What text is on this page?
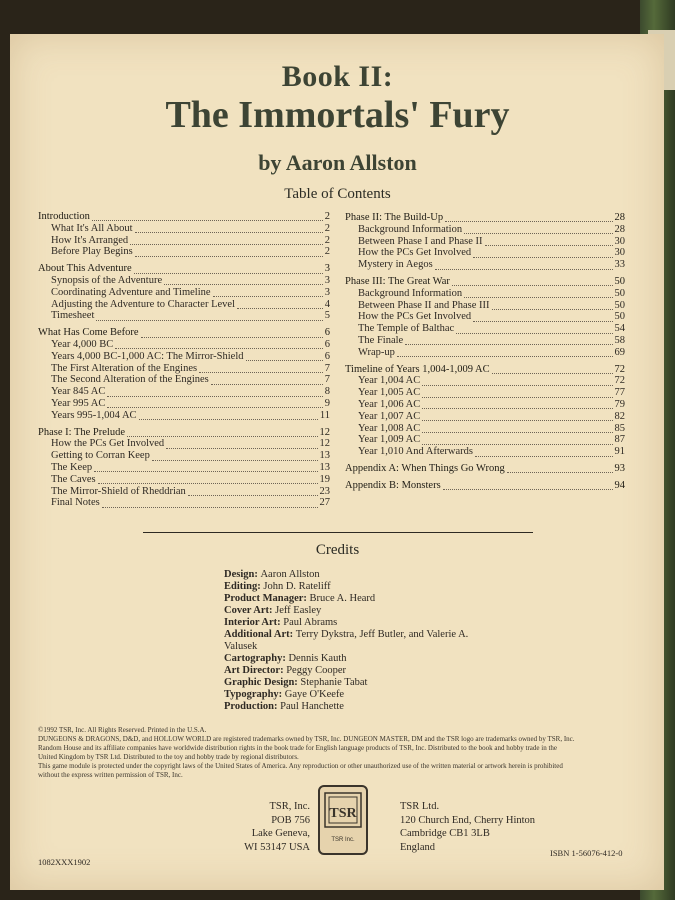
Book II:
The Immortals' Fury
by Aaron Allston
Table of Contents
Introduction	2
What It's All About	2
How It's Arranged	2
Before Play Begins	2
About This Adventure	3
Synopsis of the Adventure	3
Coordinating Adventure and Timeline	3
Adjusting the Adventure to Character Level	4
Timesheet	5
What Has Come Before	6
Year 4,000 BC	6
Years 4,000 BC-1,000 AC: The Mirror-Shield	6
The First Alteration of the Engines	7
The Second Alteration of the Engines	7
Year 845 AC	8
Year 995 AC	9
Years 995-1,004 AC	11
Phase I: The Prelude	12
How the PCs Get Involved	12
Getting to Corran Keep	13
The Keep	13
The Caves	19
The Mirror-Shield of Rheddrian	23
Final Notes	27
Phase II: The Build-Up	28
Background Information	28
Between Phase I and Phase II	30
How the PCs Get Involved	30
Mystery in Aegos	33
Phase III: The Great War	50
Background Information	50
Between Phase II and Phase III	50
How the PCs Get Involved	50
The Temple of Balthac	54
The Finale	58
Wrap-up	69
Timeline of Years 1,004-1,009 AC	72
Year 1,004 AC	72
Year 1,005 AC	77
Year 1,006 AC	79
Year 1,007 AC	82
Year 1,008 AC	85
Year 1,009 AC	87
Year 1,010 And Afterwards	91
Appendix A: When Things Go Wrong	93
Appendix B: Monsters	94
Credits
Design: Aaron Allston
Editing: John D. Rateliff
Product Manager: Bruce A. Heard
Cover Art: Jeff Easley
Interior Art: Paul Abrams
Additional Art: Terry Dykstra, Jeff Butler, and Valerie A. Valusek
Cartography: Dennis Kauth
Art Director: Peggy Cooper
Graphic Design: Stephanie Tabat
Typography: Gaye O'Keefe
Production: Paul Hanchette
©1992 TSR, Inc. All Rights Reserved. Printed in the U.S.A.
DUNGEONS & DRAGONS, D&D, and HOLLOW WORLD are registered trademarks owned by TSR, Inc. DUNGEON MASTER, DM and the TSR logo are trademarks owned by TSR, Inc.
Random House and its affiliate companies have worldwide distribution rights in the book trade for English language products of TSR, Inc. Distributed to the book and hobby trade in the
United Kingdom by TSR Ltd. Distributed to the toy and hobby trade by regional distributors.
This game module is protected under the copyright laws of the United States of America. Any reproduction or other unauthorized use of the written material or artwork herein is prohibited
without the express written permission of TSR, Inc.
TSR, Inc.
POB 756
Lake Geneva,
WI 53147 USA
TSR
TSR Inc.
TSR Ltd.
120 Church End, Cherry Hinton
Cambridge CB1 3LB
England
1082XXX1902
ISBN 1-56076-412-0
